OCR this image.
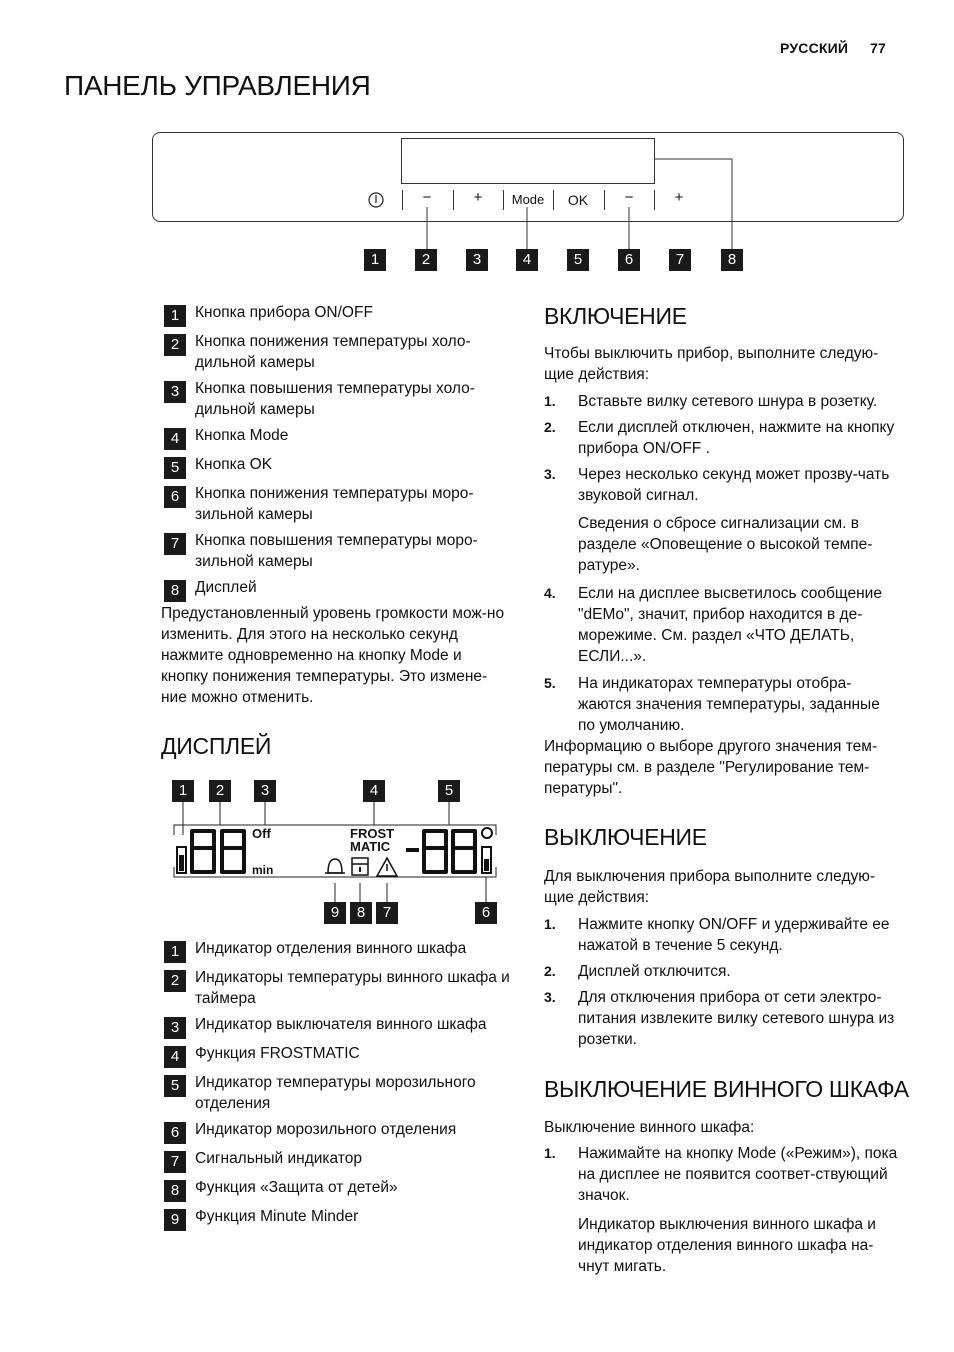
РУССКИЙ 77
ПАНЕЛЬ УПРАВЛЕНИЯ
−	+	Mode	OK	−	+
1	2	3	4	5	6	7	8
1	Кнопка прибора ON/OFF
2	Кнопка понижения температуры холо-дильной камеры
3	Кнопка повышения температуры холо-дильной камеры
4	Кнопка Mode
5	Кнопка OK
6	Кнопка понижения температуры моро-зильной камеры
7	Кнопка повышения температуры моро-зильной камеры
8	Дисплей
Предустановленный уровень громкости мож-но изменить. Для этого на несколько секунд нажмите одновременно на кнопку Mode и кнопку понижения температуры. Это измене-ние можно отменить.
ДИСПЛЕЙ
1	2	3	4	5
Off
min
FROST
MATIC
9	8	7	6
1	Индикатор отделения винного шкафа
2	Индикаторы температуры винного шкафа и таймера
3	Индикатор выключателя винного шкафа
4	Функция FROSTMATIC
5	Индикатор температуры морозильного отделения
6	Индикатор морозильного отделения
7	Сигнальный индикатор
8	Функция «Защита от детей»
9	Функция Minute Minder
ВКЛЮЧЕНИЕ
Чтобы выключить прибор, выполните следую-щие действия:
1. Вставьте вилку сетевого шнура в розетку.
2. Если дисплей отключен, нажмите на кнопку прибора ON/OFF .
3. Через несколько секунд может прозву-чать звуковой сигнал.
Сведения о сбросе сигнализации см. в разделе «Оповещение о высокой темпе-ратуре».
4. Если на дисплее высветилось сообщение "dEMo", значит, прибор находится в де-морежиме. См. раздел «ЧТО ДЕЛАТЬ, ЕСЛИ...».
5. На индикаторах температуры отобра-жаются значения температуры, заданные по умолчанию.
Информацию о выборе другого значения тем-пературы см. в разделе "Регулирование тем-пературы".
ВЫКЛЮЧЕНИЕ
Для выключения прибора выполните следую-щие действия:
1. Нажмите кнопку ON/OFF и удерживайте ее нажатой в течение 5 секунд.
2. Дисплей отключится.
3. Для отключения прибора от сети электро-питания извлеките вилку сетевого шнура из розетки.
ВЫКЛЮЧЕНИЕ ВИННОГО ШКАФА
Выключение винного шкафа:
1. Нажимайте на кнопку Mode («Режим»), пока на дисплее не появится соответ-ствующий значок.
Индикатор выключения винного шкафа и индикатор отделения винного шкафа на-чнут мигать.
